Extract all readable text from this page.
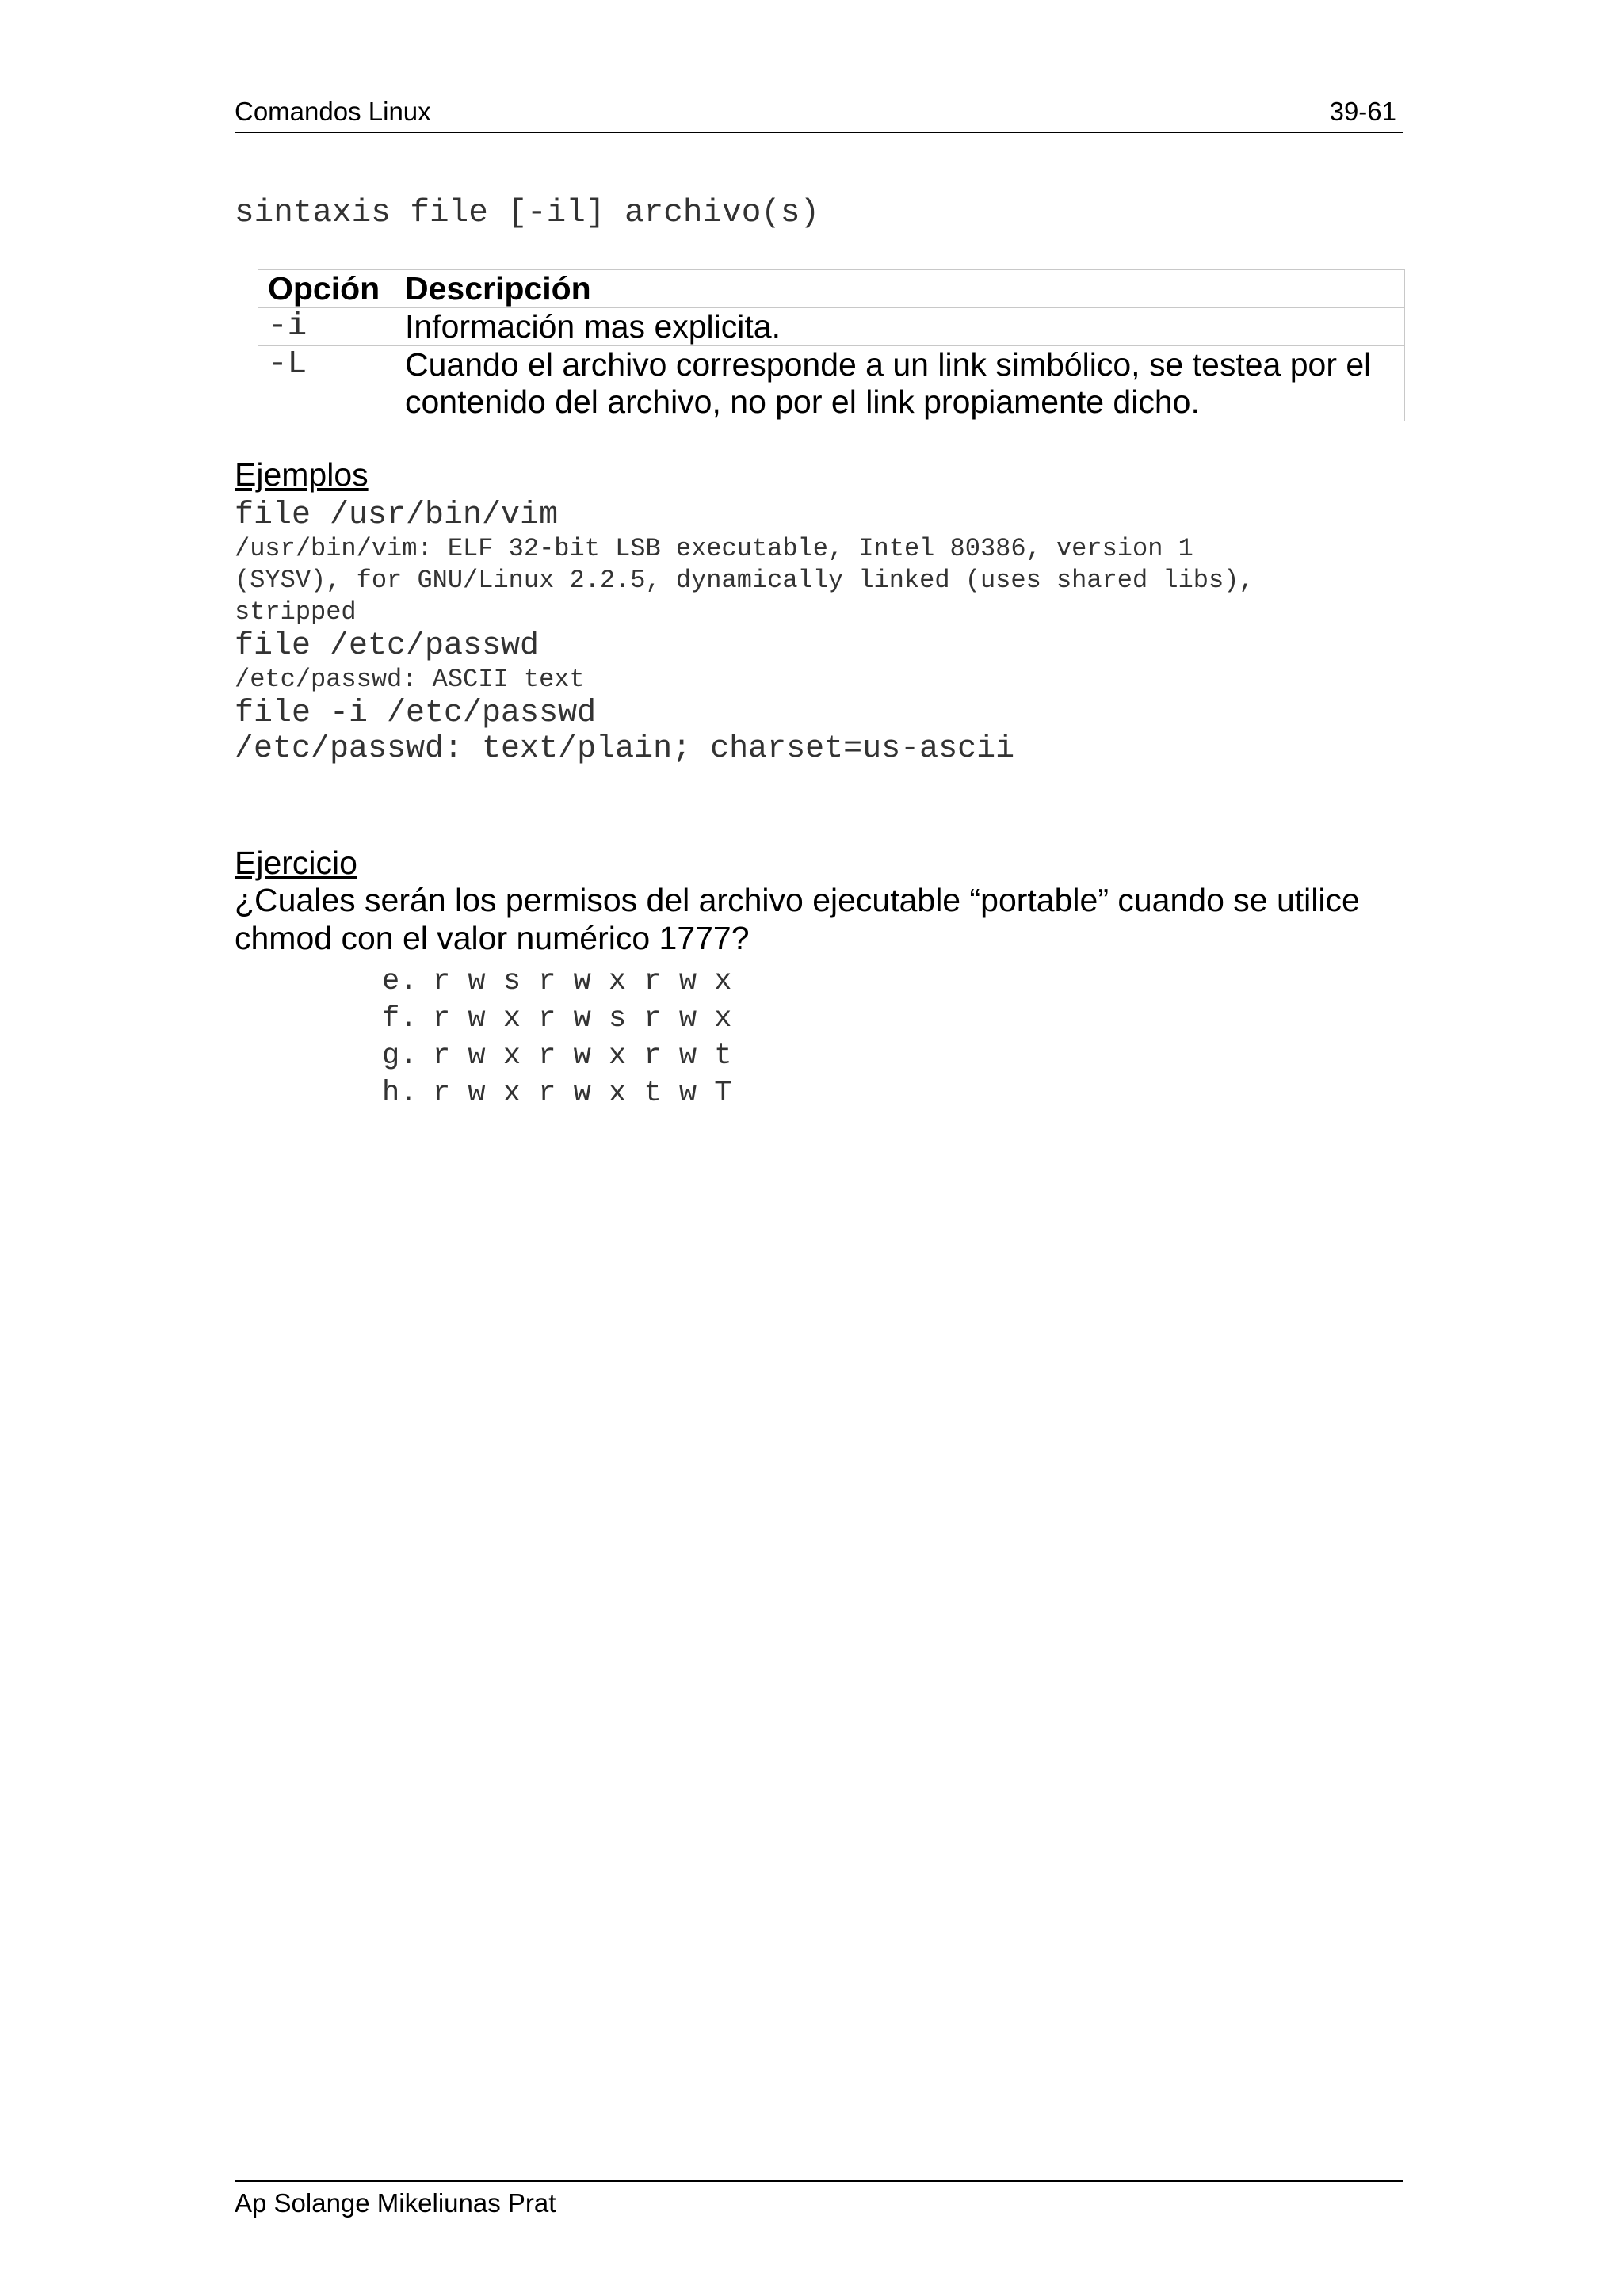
Comandos Linux	39-61
sintaxis file [-il] archivo(s)
Opción	Descripción
-i	Información mas explicita.
-L	Cuando el archivo corresponde a un link simbólico, se testea por el contenido del archivo, no por el link propiamente dicho.
Ejemplos
file /usr/bin/vim
/usr/bin/vim: ELF 32-bit LSB executable, Intel 80386, version 1
(SYSV), for GNU/Linux 2.2.5, dynamically linked (uses shared libs),
stripped
file /etc/passwd
/etc/passwd: ASCII text
file -i /etc/passwd
/etc/passwd: text/plain; charset=us-ascii
Ejercicio
¿Cuales serán los permisos del archivo ejecutable “portable” cuando se utilice chmod con el valor numérico 1777?
e. r w s r w x r w x
f. r w x r w s r w x
g. r w x r w x r w t
h. r w x r w x t w T
Ap Solange Mikeliunas Prat
